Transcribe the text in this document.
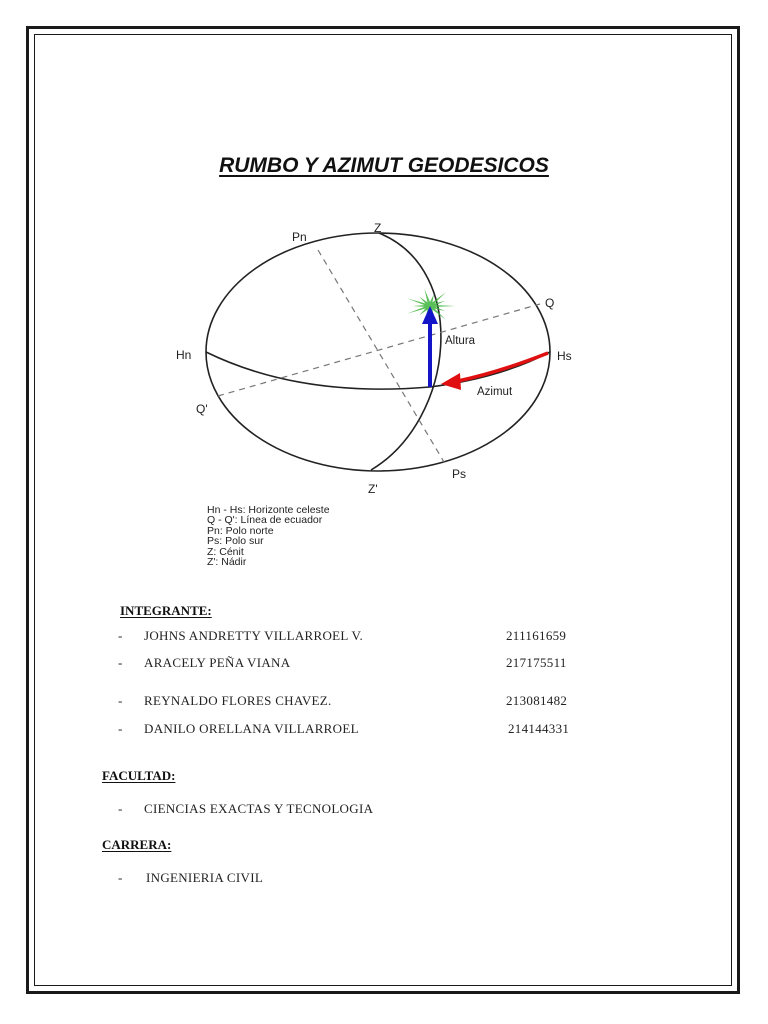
RUMBO Y AZIMUT GEODESICOS
Pn
Z
Q
Hn	Hs
Q'
Ps
Z'
Altura
Azimut
Hn - Hs: Horizonte celeste
Q - Q': Línea de ecuador
Pn: Polo norte
Ps: Polo sur
Z: Cénit
Z': Nádir
INTEGRANTE:
- JOHNS ANDRETTY VILLARROEL V.	211161659
- ARACELY PEÑA VIANA	217175511
- REYNALDO FLORES CHAVEZ.	213081482
- DANILO ORELLANA VILLARROEL	214144331
FACULTAD:
- CIENCIAS EXACTAS Y TECNOLOGIA
CARRERA:
- INGENIERIA CIVIL
